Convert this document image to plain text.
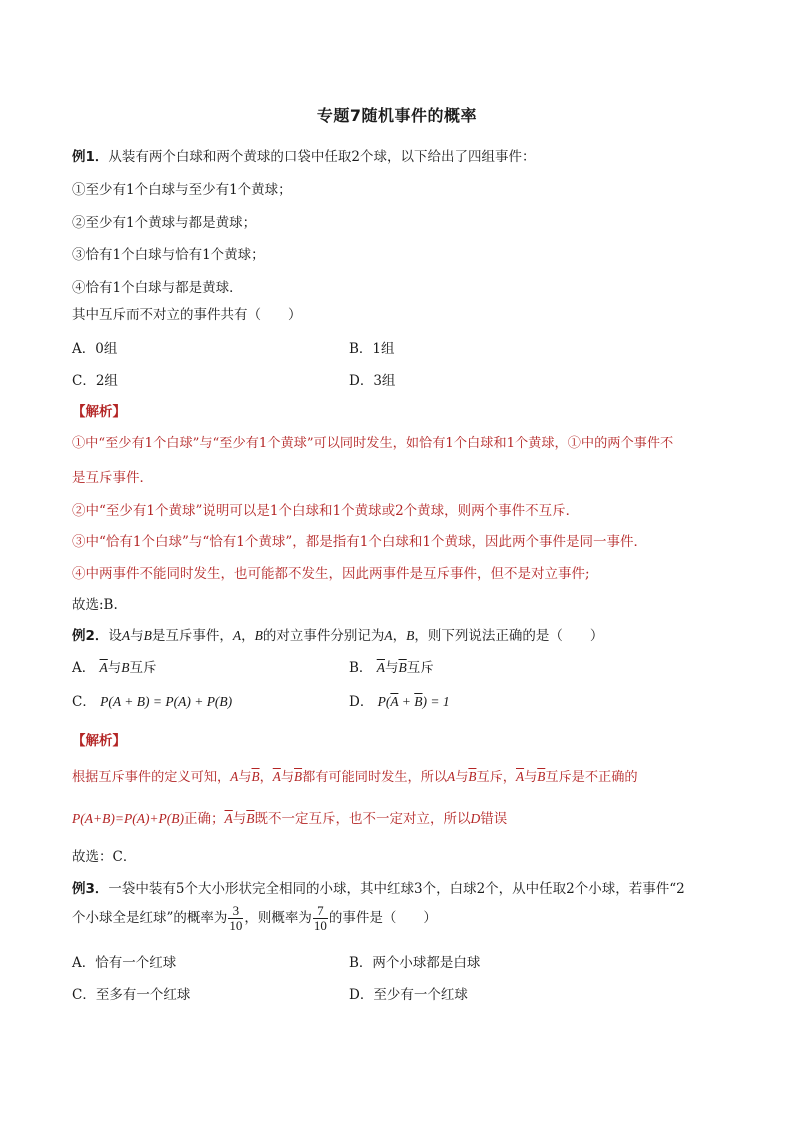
专题7随机事件的概率
例1．从装有两个白球和两个黄球的口袋中任取2个球，以下给出了四组事件：
①至少有1个白球与至少有1个黄球；
②至少有1个黄球与都是黄球；
③恰有1个白球与恰有1个黄球；
④恰有1个白球与都是黄球．
其中互斥而不对立的事件共有（　　）
A．0组	B．1组
C．2组	D．3组
【解析】
①中“至少有1个白球”与“至少有1个黄球”可以同时发生，如恰有1个白球和1个黄球，①中的两个事件不
是互斥事件．
②中“至少有1个黄球”说明可以是1个白球和1个黄球或2个黄球，则两个事件不互斥．
③中“恰有1个白球”与“恰有1个黄球”，都是指有1个白球和1个黄球，因此两个事件是同一事件．
④中两事件不能同时发生，也可能都不发生，因此两事件是互斥事件，但不是对立事件;
故选:B.
例2．设A与B是互斥事件，A，B的对立事件分别记为A，B，则下列说法正确的是（　　）
A． $\overline{A}$与B互斥	B． $\overline{A}$与$\overline{B}$互斥
C． P(A + B) = P(A) + P(B)	D． $P(\overline{A} + \overline{B}) = 1$
【解析】
根据互斥事件的定义可知，A与$\overline{B}$，$\overline{A}$与$\overline{B}$都有可能同时发生，所以A与$\overline{B}$互斥，$\overline{A}$与$\overline{B}$互斥是不正确的
P(A+B)=P(A)+P(B)正确；$\overline{A}$与$\overline{B}$既不一定互斥，也不一定对立，所以D错误
故选：C．
例3．一袋中装有5个大小形状完全相同的小球，其中红球3个，白球2个，从中任取2个小球，若事件“2
个小球全是红球”的概率为 $\frac{3}{10}$ ，则概率为 $\frac{7}{10}$ 的事件是（　　）
A．恰有一个红球	B．两个小球都是白球
C．至多有一个红球	D．至少有一个红球
